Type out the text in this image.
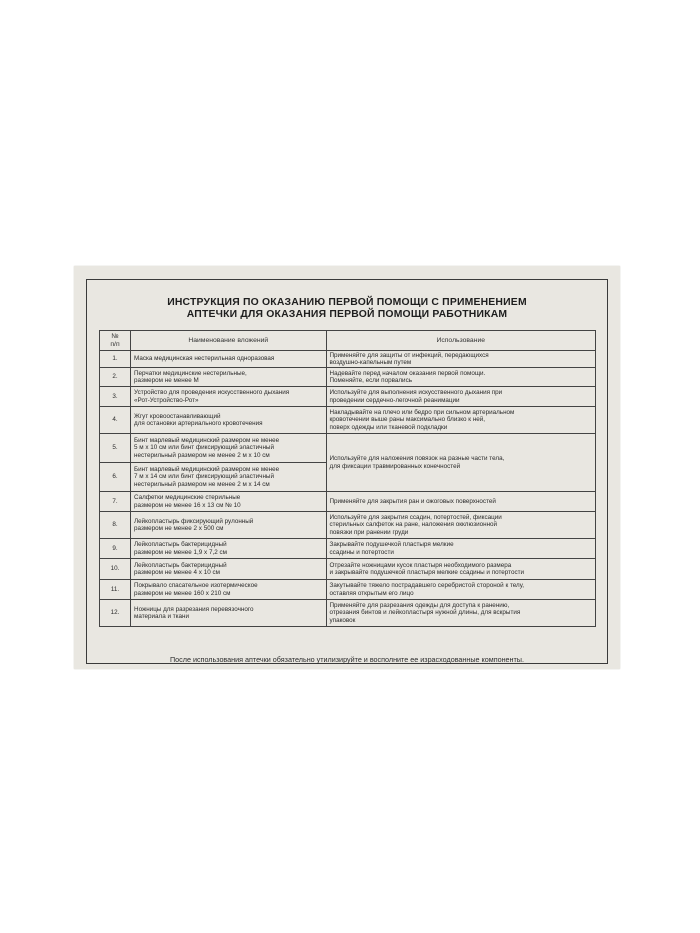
ИНСТРУКЦИЯ ПО ОКАЗАНИЮ ПЕРВОЙ ПОМОЩИ С ПРИМЕНЕНИЕМ
АПТЕЧКИ ДЛЯ ОКАЗАНИЯ ПЕРВОЙ ПОМОЩИ РАБОТНИКАМ
№
п/п	Наименование вложений	Использование

1.	Маска медицинская нестерильная одноразовая	Применяйте для защиты от инфекций, передающихся
воздушно-капельным путем

2.	Перчатки медицинские нестерильные,
размером не менее М	Надевайте перед началом оказания первой помощи.
Поменяйте, если порвались

3.	Устройство для проведения искусственного дыхания
«Рот-Устройство-Рот»	Используйте для выполнения искусственного дыхания при
проведении сердечно-легочной реанимации

4.	Жгут кровоостанавливающий
для остановки артериального кровотечения	Накладывайте на плечо или бедро при сильном артериальном
кровотечении выше раны максимально близко к ней,
поверх одежды или тканевой подкладки

5.	Бинт марлевый медицинский размером не менее
5 м х 10 см или бинт фиксирующий эластичный
нестерильный размером не менее 2 м х 10 см	Используйте для наложения повязок на разные части тела,
для фиксации травмированных конечностей

6.	Бинт марлевый медицинский размером не менее
7 м х 14 см или бинт фиксирующий эластичный
нестерильный размером не менее 2 м х 14 см	

7.	Салфетки медицинские стерильные
размером не менее 16 х 13 см № 10	Применяйте для закрытия ран и ожоговых поверхностей

8.	Лейкопластырь фиксирующий рулонный
размером не менее 2 х 500 см	Используйте для закрытия ссадин, потертостей, фиксации
стерильных салфеток на ране, наложения окклюзионной
повязки при ранении груди

9.	Лейкопластырь бактерицидный
размером не менее 1,9 х 7,2 см	Закрывайте подушечкой пластыря мелкие
ссадины и потертости

10.	Лейкопластырь бактерицидный
размером не менее 4 х 10 см	Отрезайте ножницами кусок пластыря необходимого размера
и закрывайте подушечкой пластыря мелкие ссадины и потертости

11.	Покрывало спасательное изотермическое
размером не менее 160 х 210 см	Закутывайте тяжело пострадавшего серебристой стороной к телу,
оставляя открытым его лицо

12.	Ножницы для разрезания перевязочного
материала и ткани	Применяйте для разрезания одежды для доступа к ранению,
отрезания бинтов и лейкопластыря нужной длины, для вскрытия
упаковок
После использования аптечки обязательно утилизируйте и восполните ее израсходованные компоненты.
